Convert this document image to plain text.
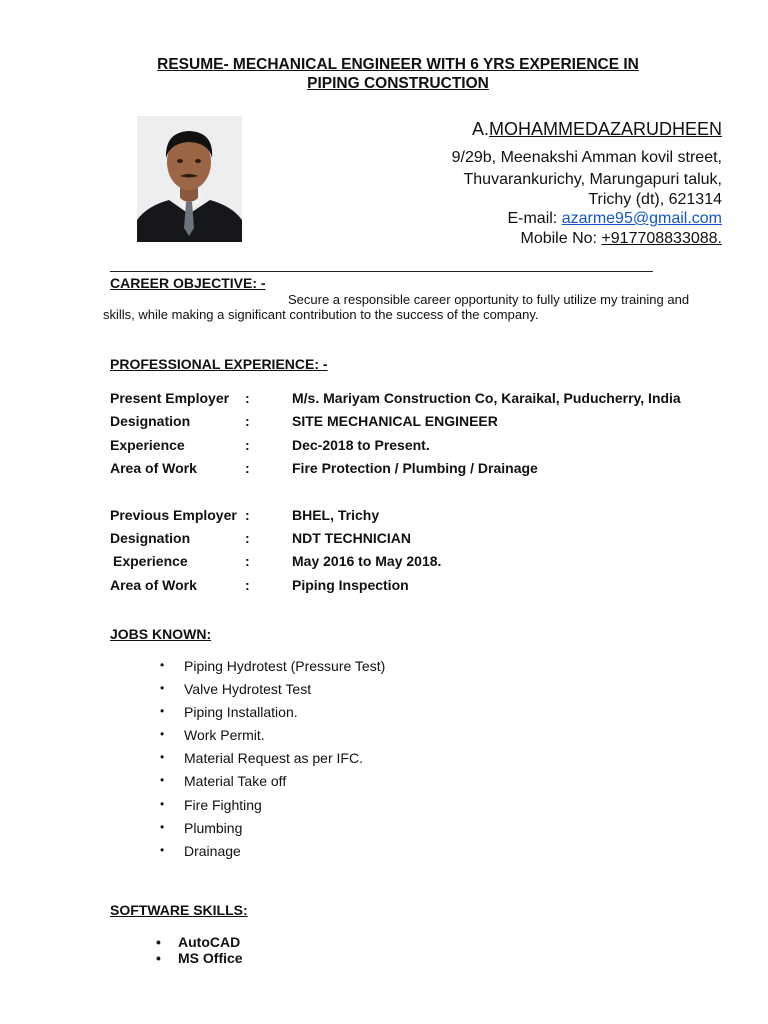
RESUME- MECHANICAL ENGINEER WITH 6 YRS EXPERIENCE IN
PIPING CONSTRUCTION
A.MOHAMMEDAZARUDHEEN
9/29b, Meenakshi Amman kovil street,
Thuvarankurichy, Marungapuri taluk,
Trichy (dt), 621314
E-mail: azarme95@gmail.com
Mobile No: +917708833088.
CAREER OBJECTIVE: -
Secure a responsible career opportunity to fully utilize my training and
skills, while making a significant contribution to the success of the company.
PROFESSIONAL EXPERIENCE: -
Present Employer :	M/s. Mariyam Construction Co, Karaikal, Puducherry, India
Designation	:	SITE MECHANICAL ENGINEER
Experience	:	Dec-2018 to Present.
Area of Work	:	Fire Protection / Plumbing / Drainage
Previous Employer :	BHEL, Trichy
Designation	:	NDT TECHNICIAN
Experience	:	May 2016 to May 2018.
Area of Work	:	Piping Inspection
JOBS KNOWN:
• Piping Hydrotest (Pressure Test)
• Valve Hydrotest Test
• Piping Installation.
• Work Permit.
• Material Request as per IFC.
• Material Take off
• Fire Fighting
• Plumbing
• Drainage
SOFTWARE SKILLS:
• AutoCAD
• MS Office
